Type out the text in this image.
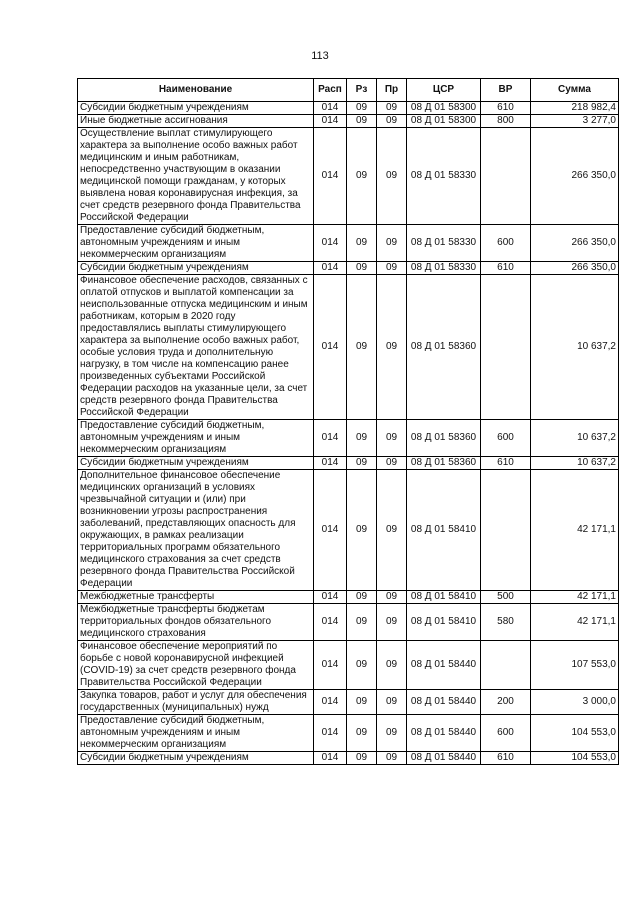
113
Наименование	Расп	Рз	Пр	ЦСР	ВР	Сумма
Субсидии бюджетным учреждениям	014	09	09	08 Д 01 58300	610	218 982,4
Иные бюджетные ассигнования	014	09	09	08 Д 01 58300	800	3 277,0
Осуществление выплат стимулирующего характера за выполнение особо важных работ медицинским и иным работникам, непосредственно участвующим в оказании медицинской помощи гражданам, у которых выявлена новая коронавирусная инфекция, за счет средств резервного фонда Правительства Российской Федерации	014	09	09	08 Д 01 58330		266 350,0
Предоставление субсидий бюджетным, автономным учреждениям и иным некоммерческим организациям	014	09	09	08 Д 01 58330	600	266 350,0
Субсидии бюджетным учреждениям	014	09	09	08 Д 01 58330	610	266 350,0
Финансовое обеспечение расходов, связанных с оплатой отпусков и выплатой компенсации за неиспользованные отпуска медицинским и иным работникам, которым в 2020 году предоставлялись выплаты стимулирующего характера за выполнение особо важных работ, особые условия труда и дополнительную нагрузку, в том числе на компенсацию ранее произведенных субъектами Российской Федерации расходов на указанные цели, за счет средств резервного фонда Правительства Российской Федерации	014	09	09	08 Д 01 58360		10 637,2
Предоставление субсидий бюджетным, автономным учреждениям и иным некоммерческим организациям	014	09	09	08 Д 01 58360	600	10 637,2
Субсидии бюджетным учреждениям	014	09	09	08 Д 01 58360	610	10 637,2
Дополнительное финансовое обеспечение медицинских организаций в условиях чрезвычайной ситуации и (или) при возникновении угрозы распространения заболеваний, представляющих опасность для окружающих, в рамках реализации территориальных программ обязательного медицинского страхования за счет средств резервного фонда Правительства Российской Федерации	014	09	09	08 Д 01 58410		42 171,1
Межбюджетные трансферты	014	09	09	08 Д 01 58410	500	42 171,1
Межбюджетные трансферты бюджетам территориальных фондов обязательного медицинского страхования	014	09	09	08 Д 01 58410	580	42 171,1
Финансовое обеспечение мероприятий по борьбе с новой коронавирусной инфекцией (COVID-19) за счет средств резервного фонда Правительства Российской Федерации	014	09	09	08 Д 01 58440		107 553,0
Закупка товаров, работ и услуг для обеспечения государственных (муниципальных) нужд	014	09	09	08 Д 01 58440	200	3 000,0
Предоставление субсидий бюджетным, автономным учреждениям и иным некоммерческим организациям	014	09	09	08 Д 01 58440	600	104 553,0
Субсидии бюджетным учреждениям	014	09	09	08 Д 01 58440	610	104 553,0
